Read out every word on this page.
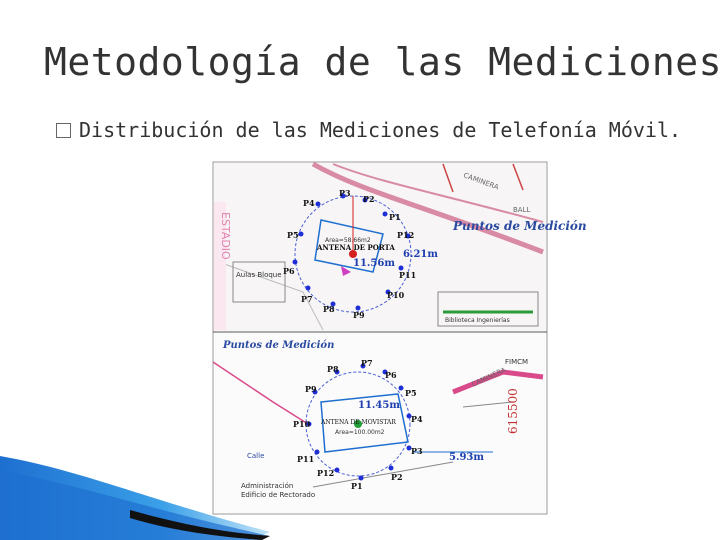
Metodología de las Mediciones
Distribución de las Mediciones de Telefonía Móvil.
ESTADIO
Aulas Bloque
Biblioteca Ingenierías
Puntos de Medición
CAMINERA
BALL
Area=58.66m2
ANTENA DE PORTA
11.56m
6.21m
P1
P2
P3
P4
P5
P6
P7
P8
P9
P10
P11
P12
Puntos de Medición
FIMCM
CAMINERA
615500
Calle
Administración
Edificio de Rectorado
11.45m
ANTENA DE MOVISTAR
Area=100.00m2
5.93m
P1
P2
P3
P4
P5
P6
P7
P8
P9
P10
P11
P12
